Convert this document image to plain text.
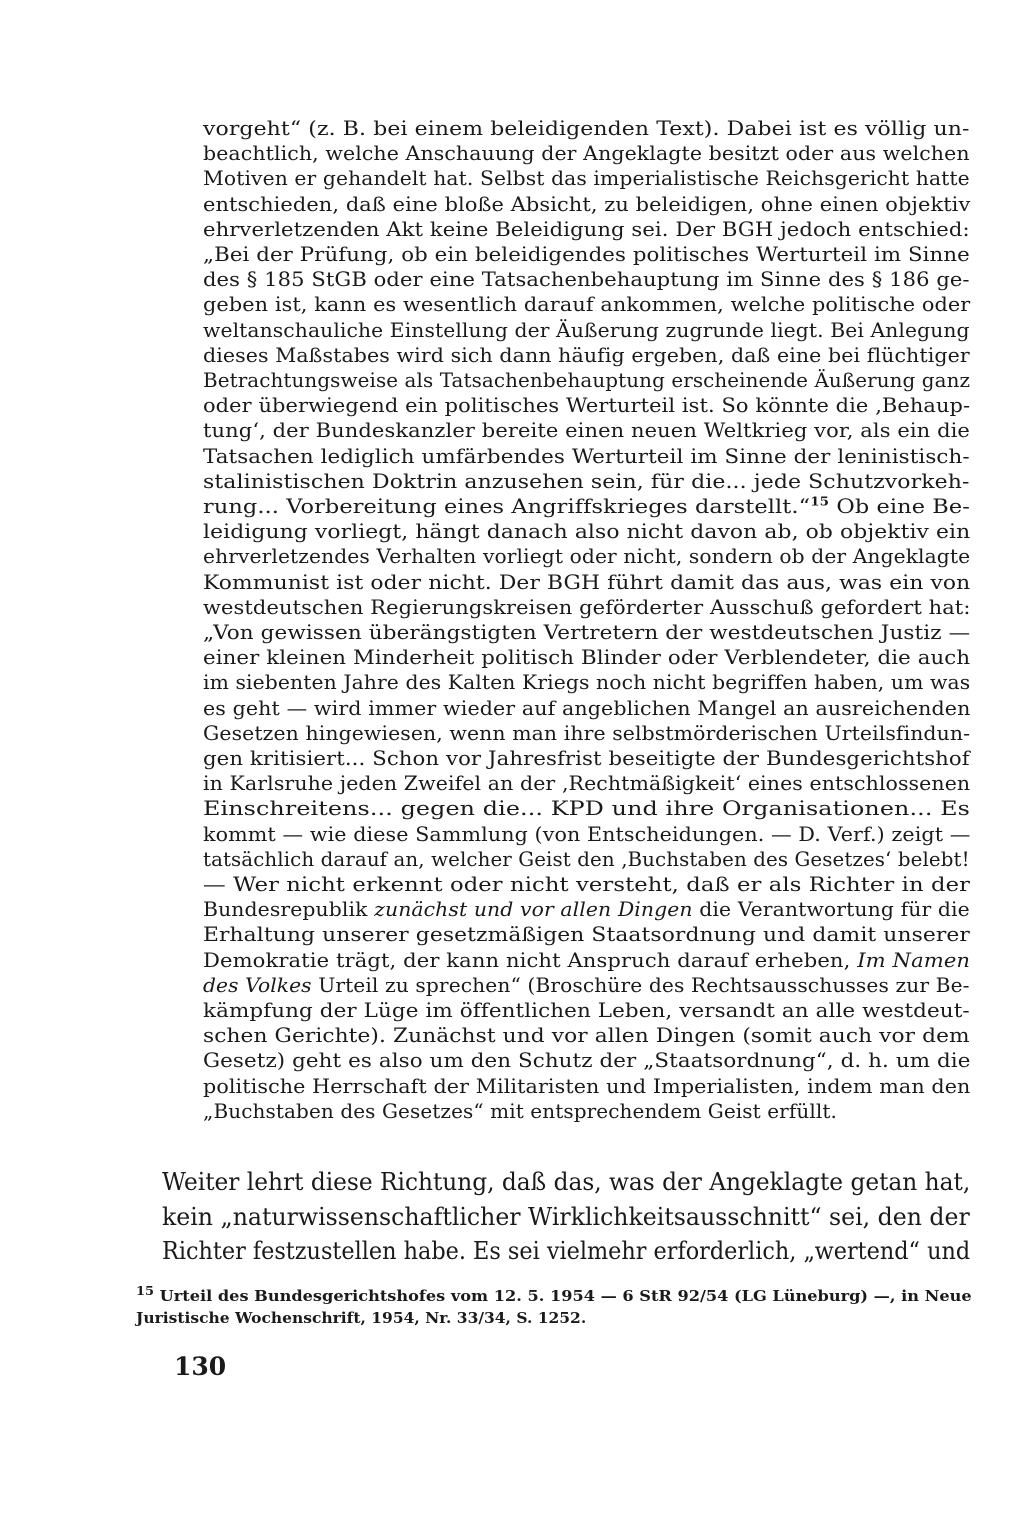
vorgeht“ (z. B. bei einem beleidigenden Text). Dabei ist es völlig un-
beachtlich, welche Anschauung der Angeklagte besitzt oder aus welchen
Motiven er gehandelt hat. Selbst das imperialistische Reichsgericht hatte
entschieden, daß eine bloße Absicht, zu beleidigen, ohne einen objektiv
ehrverletzenden Akt keine Beleidigung sei. Der BGH jedoch entschied:
„Bei der Prüfung, ob ein beleidigendes politisches Werturteil im Sinne
des § 185 StGB oder eine Tatsachenbehauptung im Sinne des § 186 ge-
geben ist, kann es wesentlich darauf ankommen, welche politische oder
weltanschauliche Einstellung der Äußerung zugrunde liegt. Bei Anlegung
dieses Maßstabes wird sich dann häufig ergeben, daß eine bei flüchtiger
Betrachtungsweise als Tatsachenbehauptung erscheinende Äußerung ganz
oder überwiegend ein politisches Werturteil ist. So könnte die ‚Behaup-
tung‘, der Bundeskanzler bereite einen neuen Weltkrieg vor, als ein die
Tatsachen lediglich umfärbendes Werturteil im Sinne der leninistisch-
stalinistischen Doktrin anzusehen sein, für die... jede Schutzvorkeh-
rung... Vorbereitung eines Angriffskrieges darstellt.“$^{15}$ Ob eine Be-
leidigung vorliegt, hängt danach also nicht davon ab, ob objektiv ein
ehrverletzendes Verhalten vorliegt oder nicht, sondern ob der Angeklagte
Kommunist ist oder nicht. Der BGH führt damit das aus, was ein von
westdeutschen Regierungskreisen geförderter Ausschuß gefordert hat:
„Von gewissen überängstigten Vertretern der westdeutschen Justiz —
einer kleinen Minderheit politisch Blinder oder Verblendeter, die auch
im siebenten Jahre des Kalten Kriegs noch nicht begriffen haben, um was
es geht — wird immer wieder auf angeblichen Mangel an ausreichenden
Gesetzen hingewiesen, wenn man ihre selbstmörderischen Urteilsfindun-
gen kritisiert... Schon vor Jahresfrist beseitigte der Bundesgerichtshof
in Karlsruhe jeden Zweifel an der ‚Rechtmäßigkeit‘ eines entschlossenen
Einschreitens... gegen die... KPD und ihre Organisationen... Es
kommt — wie diese Sammlung (von Entscheidungen. — D. Verf.) zeigt —
tatsächlich darauf an, welcher Geist den ‚Buchstaben des Gesetzes‘ belebt!
— Wer nicht erkennt oder nicht versteht, daß er als Richter in der
Bundesrepublik zunächst und vor allen Dingen die Verantwortung für die
Erhaltung unserer gesetzmäßigen Staatsordnung und damit unserer
Demokratie trägt, der kann nicht Anspruch darauf erheben, Im Namen
des Volkes Urteil zu sprechen“ (Broschüre des Rechtsausschusses zur Be-
kämpfung der Lüge im öffentlichen Leben, versandt an alle westdeut-
schen Gerichte). Zunächst und vor allen Dingen (somit auch vor dem
Gesetz) geht es also um den Schutz der „Staatsordnung“, d. h. um die
politische Herrschaft der Militaristen und Imperialisten, indem man den
„Buchstaben des Gesetzes“ mit entsprechendem Geist erfüllt.
Weiter lehrt diese Richtung, daß das, was der Angeklagte getan hat,
kein „naturwissenschaftlicher Wirklichkeitsausschnitt“ sei, den der
Richter festzustellen habe. Es sei vielmehr erforderlich, „wertend“ und
$^{15}$ Urteil des Bundesgerichtshofes vom 12. 5. 1954 — 6 StR 92/54 (LG Lüneburg) —, in Neue
Juristische Wochenschrift, 1954, Nr. 33/34, S. 1252.
130
